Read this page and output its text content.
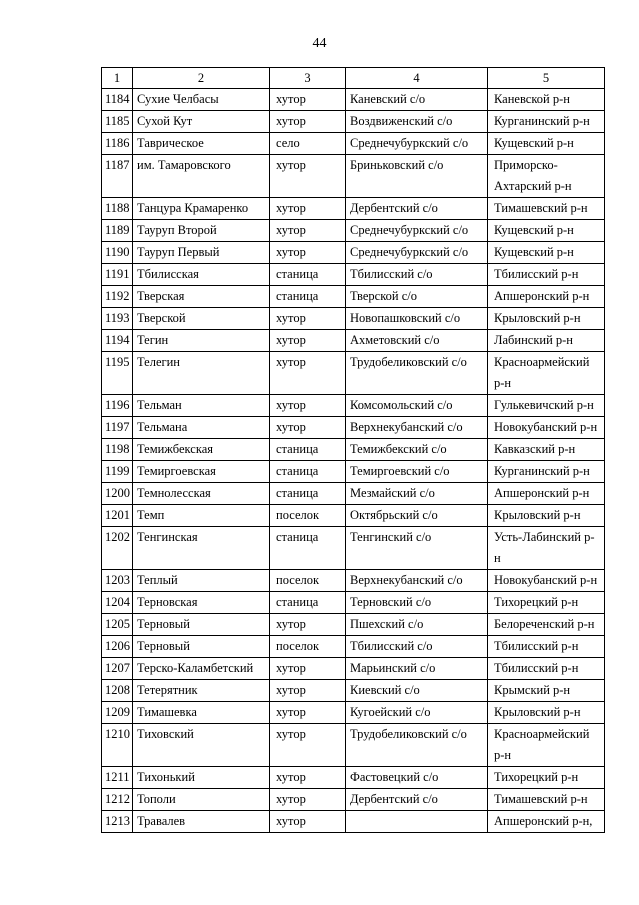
44
1	2	3	4	5
1184	Сухие Челбасы	хутор	Каневский с/о	Каневской р-н
1185	Сухой Кут	хутор	Воздвиженский с/о	Курганинский р-н
1186	Таврическое	село	Среднечубуркский с/о	Кущевский р-н
1187	им. Тамаровского	хутор	Бриньковский с/о	Приморско-Ахтарский р-н
1188	Танцура Крамаренко	хутор	Дербентский с/о	Тимашевский р-н
1189	Тауруп Второй	хутор	Среднечубуркский с/о	Кущевский р-н
1190	Тауруп Первый	хутор	Среднечубуркский с/о	Кущевский р-н
1191	Тбилисская	станица	Тбилисский с/о	Тбилисский р-н
1192	Тверская	станица	Тверской с/о	Апшеронский р-н
1193	Тверской	хутор	Новопашковский с/о	Крыловский р-н
1194	Тегин	хутор	Ахметовский с/о	Лабинский р-н
1195	Телегин	хутор	Трудобеликовский с/о	Красноармейский р-н
1196	Тельман	хутор	Комсомольский с/о	Гулькевичский р-н
1197	Тельмана	хутор	Верхнекубанский с/о	Новокубанский р-н
1198	Темижбекская	станица	Темижбекский с/о	Кавказский р-н
1199	Темиргоевская	станица	Темиргоевский с/о	Курганинский р-н
1200	Темнолесская	станица	Мезмайский с/о	Апшеронский р-н
1201	Темп	поселок	Октябрьский с/о	Крыловский р-н
1202	Тенгинская	станица	Тенгинский с/о	Усть-Лабинский р-н
1203	Теплый	поселок	Верхнекубанский с/о	Новокубанский р-н
1204	Терновская	станица	Терновский с/о	Тихорецкий р-н
1205	Терновый	хутор	Пшехский с/о	Белореченский р-н
1206	Терновый	поселок	Тбилисский с/о	Тбилисский р-н
1207	Терско-Каламбетский	хутор	Марьинский с/о	Тбилисский р-н
1208	Тетерятник	хутор	Киевский с/о	Крымский р-н
1209	Тимашевка	хутор	Кугоейский с/о	Крыловский р-н
1210	Тиховский	хутор	Трудобеликовский с/о	Красноармейский р-н
1211	Тихонький	хутор	Фастовецкий с/о	Тихорецкий р-н
1212	Тополи	хутор	Дербентский с/о	Тимашевский р-н
1213	Травалев	хутор		Апшеронский р-н,
